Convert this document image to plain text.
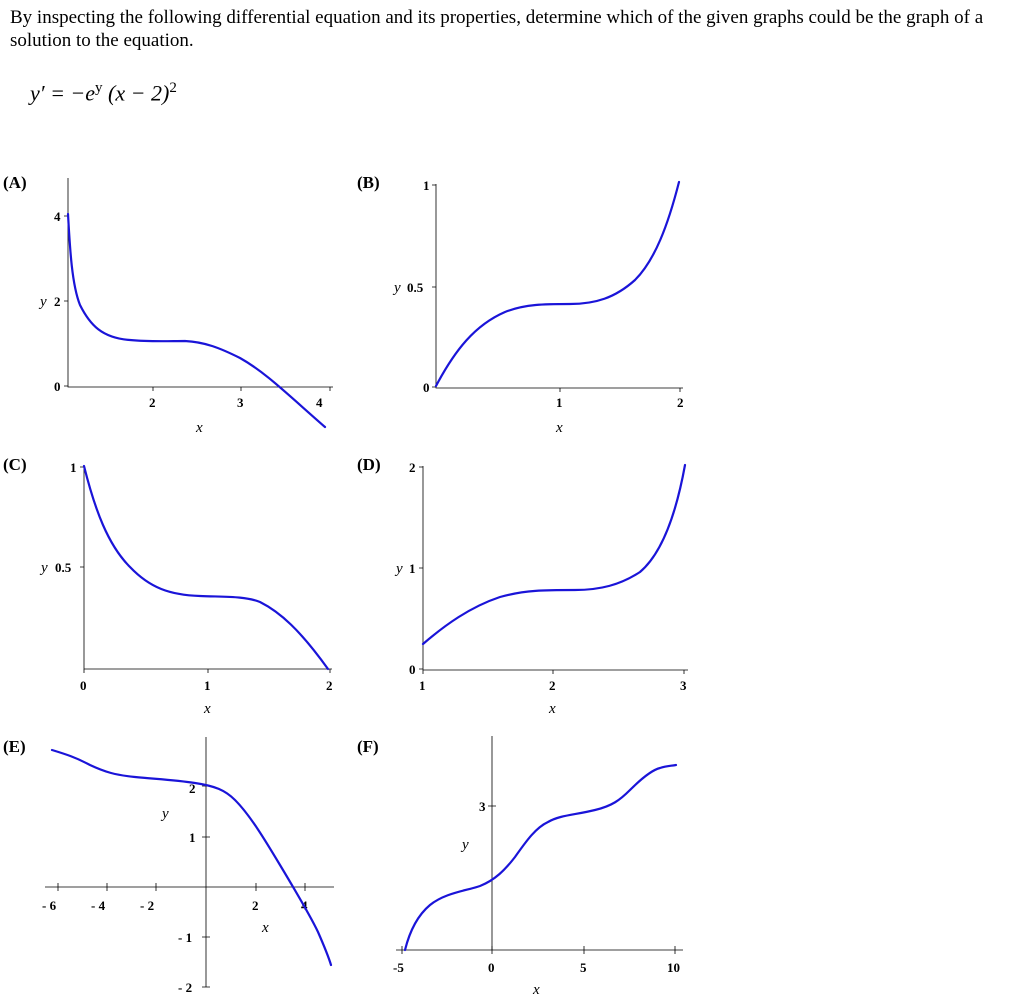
By inspecting the following differential equation and its properties, determine which of the given graphs could be the graph of a solution to the equation.
$y' = -e^y$ $(x - 2)^2$
(A)
4
2
0
y
2	3	4
x
(B)	1
0.5
0
y
1	2
x
(C)	1
0.5
y
0	1	2
x
(D) 2
1
0
y
1	2	3
x
(E)
- 6	- 4	- 2	2	4
2
1
- 1
- 2
y
x
(F)
-5	0	5	10
3
y
x
